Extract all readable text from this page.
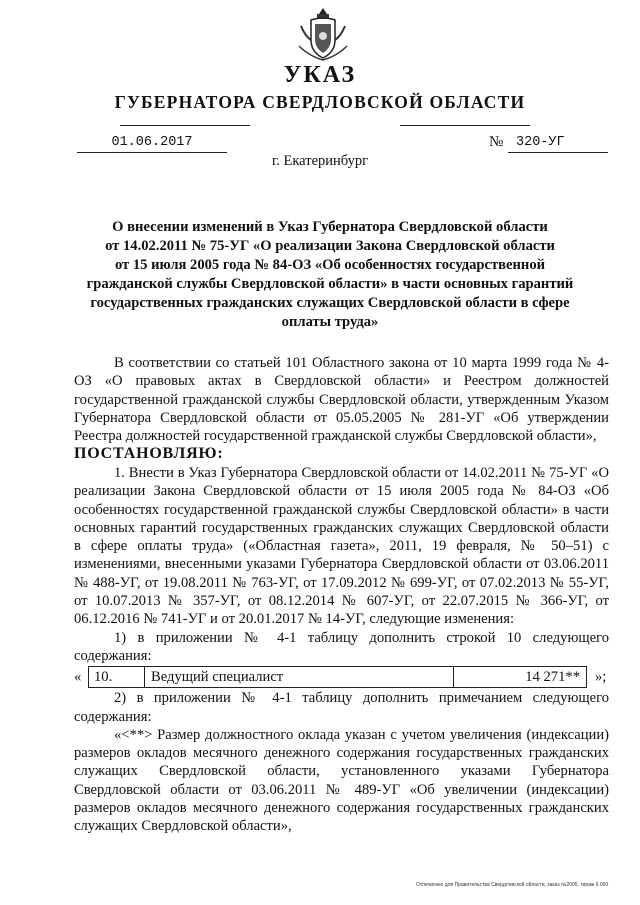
УКАЗ
ГУБЕРНАТОРА СВЕРДЛОВСКОЙ ОБЛАСТИ
01.06.2017	№ 320-УГ
г. Екатеринбург
О внесении изменений в Указ Губернатора Свердловской области
от 14.02.2011 № 75-УГ «О реализации Закона Свердловской области
от 15 июля 2005 года № 84-ОЗ «Об особенностях государственной
гражданской службы Свердловской области» в части основных гарантий
государственных гражданских служащих Свердловской области в сфере
оплаты труда»

В соответствии со статьей 101 Областного закона от 10 марта 1999 года № 4-ОЗ «О правовых актах в Свердловской области» и Реестром должностей государственной гражданской службы Свердловской области, утвержденным Указом Губернатора Свердловской области от 05.05.2005 № 281-УГ «Об утверждении Реестра должностей государственной гражданской службы Свердловской области»,

ПОСТАНОВЛЯЮ:

1. Внести в Указ Губернатора Свердловской области от 14.02.2011 № 75-УГ «О реализации Закона Свердловской области от 15 июля 2005 года № 84-ОЗ «Об особенностях государственной гражданской службы Свердловской области» в части основных гарантий государственных гражданских служащих Свердловской области в сфере оплаты труда» («Областная газета», 2011, 19 февраля, № 50–51) с изменениями, внесенными указами Губернатора Свердловской области от 03.06.2011 № 488-УГ, от 19.08.2011 № 763-УГ, от 17.09.2012 № 699-УГ, от 07.02.2013 № 55-УГ, от 10.07.2013 № 357-УГ, от 08.12.2014 № 607-УГ, от 22.07.2015 № 366-УГ, от 06.12.2016 № 741-УГ и от 20.01.2017 № 14-УГ, следующие изменения:

1) в приложении № 4-1 таблицу дополнить строкой 10 следующего содержания:

« 10.	Ведущий специалист	14 271**	»;

2) в приложении № 4-1 таблицу дополнить примечанием следующего содержания:

«<**> Размер должностного оклада указан с учетом увеличения (индексации) размеров окладов месячного денежного содержания государственных гражданских служащих Свердловской области, установленного указами Губернатора Свердловской области от 03.06.2011 № 489-УГ «Об увеличении (индексации) размеров окладов месячного денежного содержания государственных гражданских служащих Свердловской области»,

Отпечатано для Правительства Свердловской области, заказ №2005, тираж 6 000
